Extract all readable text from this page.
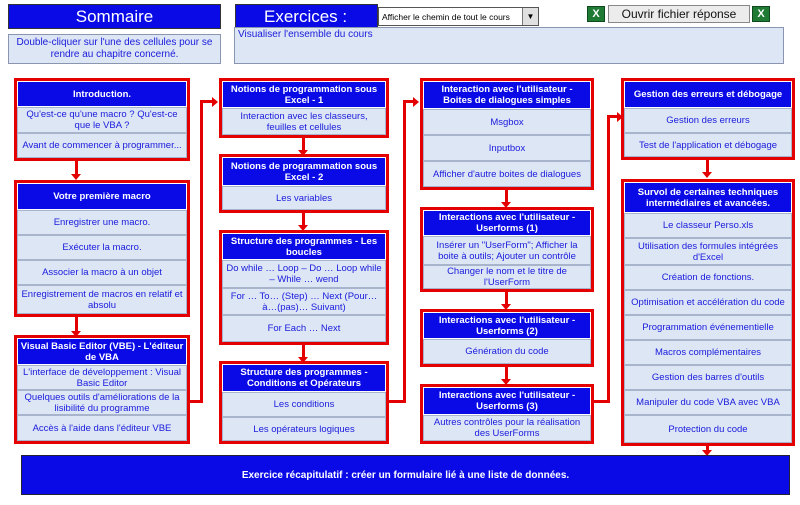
Sommaire
Double-cliquer sur l'une des cellules pour se rendre au chapitre concerné.
Exercices :	Afficher le chemin de tout le cours	▼	X Ouvrir fichier réponse X
Visualiser l'ensemble du cours
Introduction.
Qu'est-ce qu'une macro ? Qu'est-ce que le VBA ?
Avant de commencer à programmer...
Votre première macro
Enregistrer une macro.
Exécuter la macro.
Associer la macro à un objet
Enregistrement de macros en relatif et absolu
Visual Basic Editor (VBE) - L'éditeur de VBA
L'interface de développement : Visual Basic Editor
Quelques outils d'améliorations de la lisibilité du programme
Accès à l'aide dans l'éditeur VBE
Notions de programmation sous Excel - 1
Interaction avec les classeurs, feuilles et cellules
Notions de programmation sous Excel - 2
Les variables
Structure des programmes - Les boucles
Do while … Loop – Do … Loop while – While … wend
For … To… (Step) … Next (Pour… à…(pas)… Suivant)
For Each … Next
Structure des programmes - Conditions et Opérateurs
Les conditions
Les opérateurs logiques
Interaction avec l'utilisateur - Boites de dialogues simples
Msgbox
Inputbox
Afficher d'autre boites de dialogues
Interactions avec l'utilisateur - Userforms (1)
Insérer un "UserForm"; Afficher la boite à outils; Ajouter un contrôle
Changer le nom et le titre de l'UserForm
Interactions avec l'utilisateur - Userforms (2)
Génération du code
Interactions avec l'utilisateur - Userforms (3)
Autres contrôles pour la réalisation des UserForms
Gestion des erreurs et débogage
Gestion des erreurs
Test de l'application et débogage
Survol de certaines techniques intermédiaires et avancées.
Le classeur Perso.xls
Utilisation des formules intégrées d'Excel
Création de fonctions.
Optimisation et accélération du code
Programmation événementielle
Macros complémentaires
Gestion des barres d'outils
Manipuler du code VBA avec VBA
Protection du code
Exercice récapitulatif : créer un formulaire lié à une liste de données.
